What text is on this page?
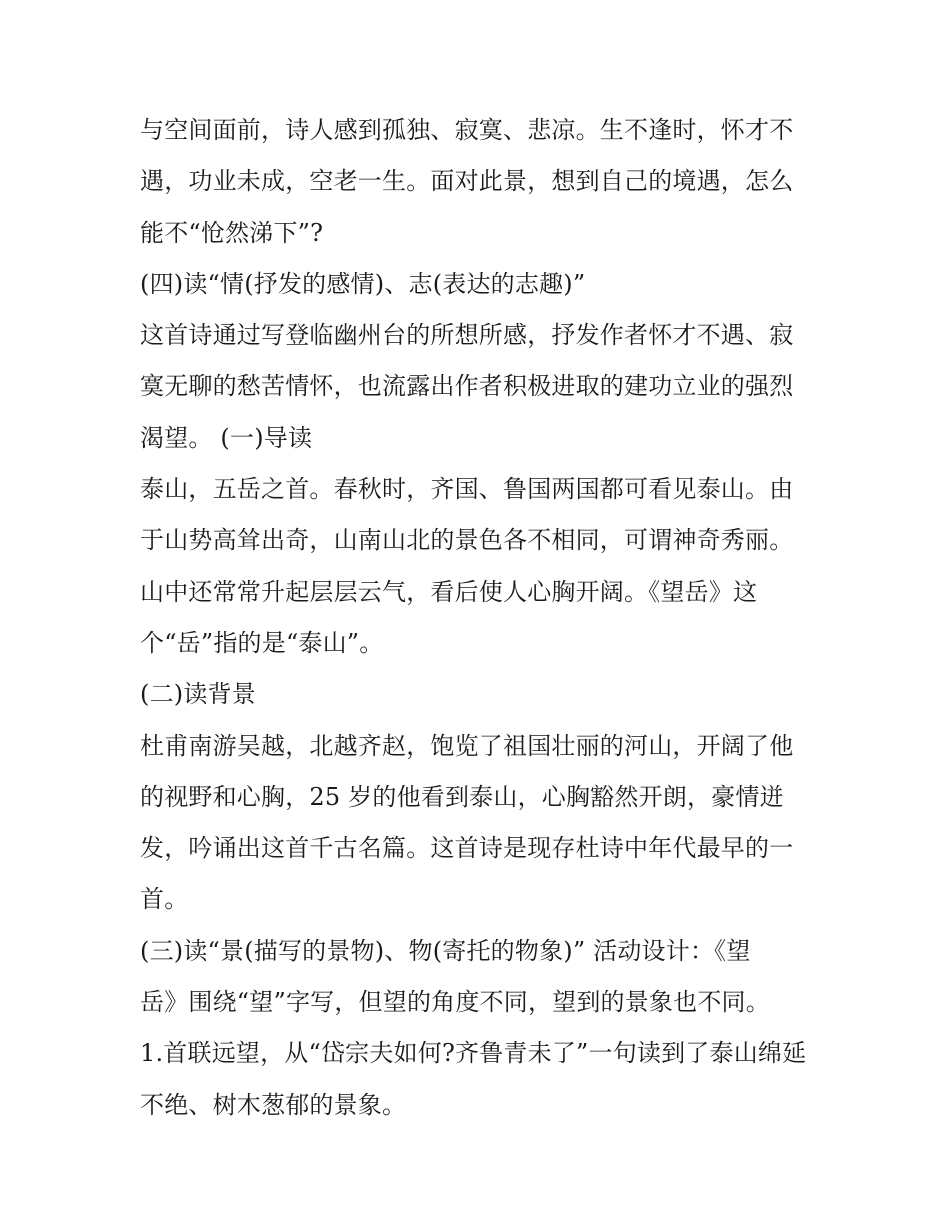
与空间面前，诗人感到孤独、寂寞、悲凉。生不逢时，怀才不
遇，功业未成，空老一生。面对此景，想到自己的境遇，怎么
能不“怆然涕下”?
(四)读“情(抒发的感情)、志(表达的志趣)”
这首诗通过写登临幽州台的所想所感，抒发作者怀才不遇、寂
寞无聊的愁苦情怀，也流露出作者积极进取的建功立业的强烈
渴望。 (一)导读
泰山，五岳之首。春秋时，齐国、鲁国两国都可看见泰山。由
于山势高耸出奇，山南山北的景色各不相同，可谓神奇秀丽。
山中还常常升起层层云气，看后使人心胸开阔。《望岳》这
个“岳”指的是“泰山”。
(二)读背景
杜甫南游吴越，北越齐赵，饱览了祖国壮丽的河山，开阔了他
的视野和心胸，25 岁的他看到泰山，心胸豁然开朗，豪情迸
发，吟诵出这首千古名篇。这首诗是现存杜诗中年代最早的一
首。
(三)读“景(描写的景物)、物(寄托的物象)” 活动设计：《望
岳》围绕“望”字写，但望的角度不同，望到的景象也不同。
1.首联远望，从“岱宗夫如何?齐鲁青未了”一句读到了泰山绵延
不绝、树木葱郁的景象。
